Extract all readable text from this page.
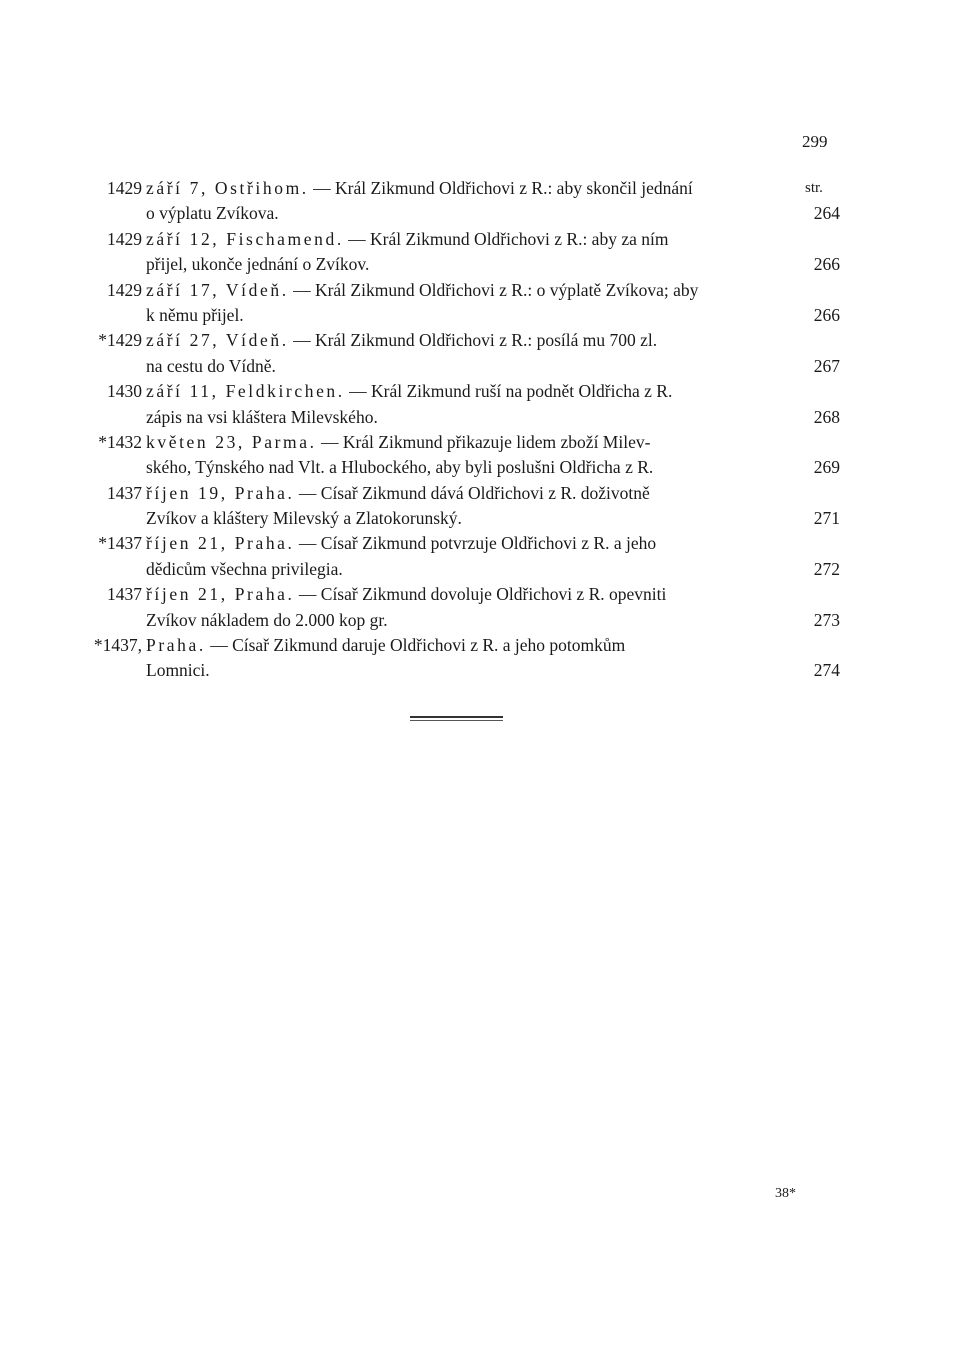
299
str.
1429 září 7, Ostřihom. — Král Zikmund Oldřichovi z R.: aby skončil jednání
o výplatu Zvíkova.	264
1429 září 12, Fischamend. — Král Zikmund Oldřichovi z R.: aby za ním
přijel, ukonče jednání o Zvíkov.	266
1429 září 17, Vídeň. — Král Zikmund Oldřichovi z R.: o výplatě Zvíkova; aby
k němu přijel.	266
*1429 září 27, Vídeň. — Král Zikmund Oldřichovi z R.: posílá mu 700 zl.
na cestu do Vídně.	267
1430 září 11, Feldkirchen. — Král Zikmund ruší na podnět Oldřicha z R.
zápis na vsi kláštera Milevského.	268
*1432 květen 23, Parma. — Král Zikmund přikazuje lidem zboží Milev-
ského, Týnského nad Vlt. a Hlubockého, aby byli poslušni Oldřicha z R.	269
1437 říjen 19, Praha. — Císař Zikmund dává Oldřichovi z R. doživotně
Zvíkov a kláštery Milevský a Zlatokorunský.	271
*1437 říjen 21, Praha. — Císař Zikmund potvrzuje Oldřichovi z R. a jeho
dědicům všechna privilegia.	272
1437 říjen 21, Praha. — Císař Zikmund dovoluje Oldřichovi z R. opevniti
Zvíkov nákladem do 2.000 kop gr.	273
*1437, Praha. — Císař Zikmund daruje Oldřichovi z R. a jeho potomkům
Lomnici.	274
38*
